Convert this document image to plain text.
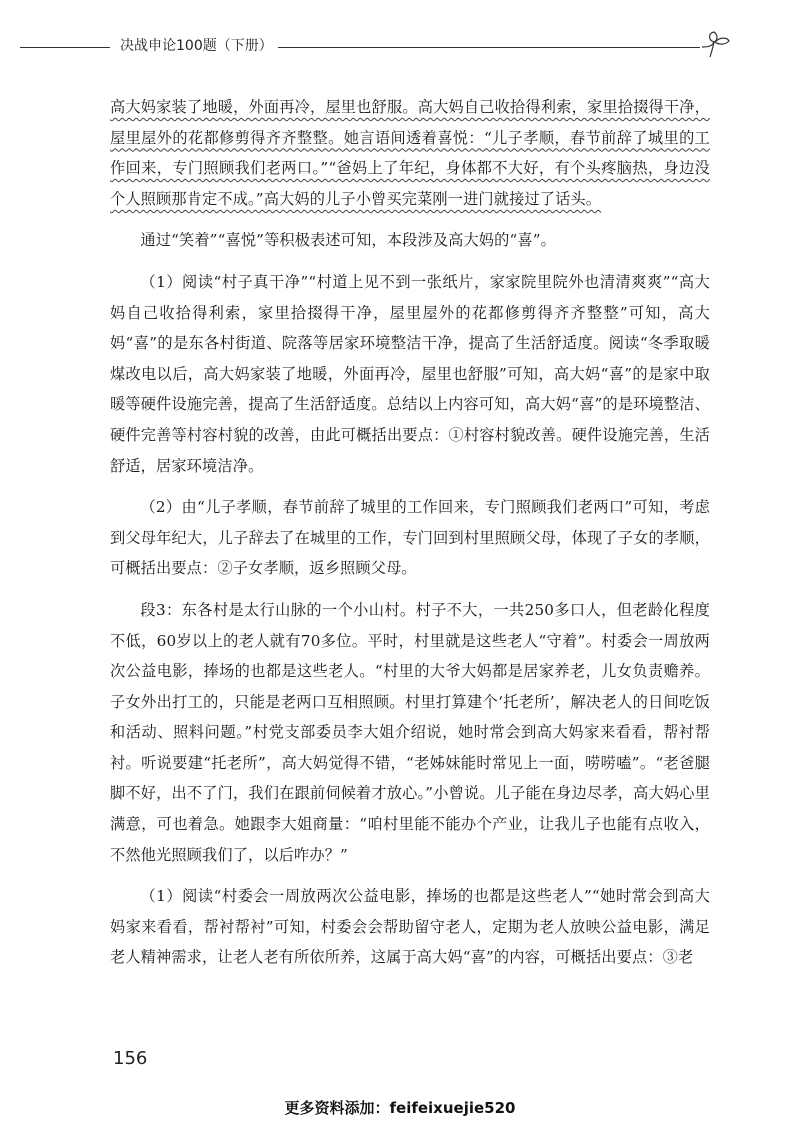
决战申论100题（下册）

高大妈家装了地暖，外面再冷，屋里也舒服。高大妈自己收拾得利索，家里拾掇得干净，屋里屋外的花都修剪得齐齐整整。她言语间透着喜悦：“儿子孝顺，春节前辞了城里的工作回来，专门照顾我们老两口。”“爸妈上了年纪，身体都不大好，有个头疼脑热，身边没个人照顾那肯定不成。”高大妈的儿子小曾买完菜刚一进门就接过了话头。

通过“笑着”“喜悦”等积极表述可知，本段涉及高大妈的“喜”。

（1）阅读“村子真干净”“村道上见不到一张纸片，家家院里院外也清清爽爽”“高大妈自己收拾得利索，家里拾掇得干净，屋里屋外的花都修剪得齐齐整整”可知，高大妈“喜”的是东各村街道、院落等居家环境整洁干净，提高了生活舒适度。阅读“冬季取暖煤改电以后，高大妈家装了地暖，外面再冷，屋里也舒服”可知，高大妈“喜”的是家中取暖等硬件设施完善，提高了生活舒适度。总结以上内容可知，高大妈“喜”的是环境整洁、硬件完善等村容村貌的改善，由此可概括出要点：①村容村貌改善。硬件设施完善，生活舒适，居家环境洁净。

（2）由“儿子孝顺，春节前辞了城里的工作回来，专门照顾我们老两口”可知，考虑到父母年纪大，儿子辞去了在城里的工作，专门回到村里照顾父母，体现了子女的孝顺，可概括出要点：②子女孝顺，返乡照顾父母。

段3：东各村是太行山脉的一个小山村。村子不大，一共250多口人，但老龄化程度不低，60岁以上的老人就有70多位。平时，村里就是这些老人“守着”。村委会一周放两次公益电影，捧场的也都是这些老人。“村里的大爷大妈都是居家养老，儿女负责赡养。子女外出打工的，只能是老两口互相照顾。村里打算建个‘托老所’，解决老人的日间吃饭和活动、照料问题。”村党支部委员李大姐介绍说，她时常会到高大妈家来看看，帮衬帮衬。听说要建“托老所”，高大妈觉得不错，“老姊妹能时常见上一面，唠唠嗑”。“老爸腿脚不好，出不了门，我们在跟前伺候着才放心。”小曾说。儿子能在身边尽孝，高大妈心里满意，可也着急。她跟李大姐商量：“咱村里能不能办个产业，让我儿子也能有点收入，不然他光照顾我们了，以后咋办？”

（1）阅读“村委会一周放两次公益电影，捧场的也都是这些老人”“她时常会到高大妈家来看看，帮衬帮衬”可知，村委会会帮助留守老人，定期为老人放映公益电影，满足老人精神需求，让老人老有所依所养，这属于高大妈“喜”的内容，可概括出要点：③老

156
更多资料添加：feifeixuejie520
